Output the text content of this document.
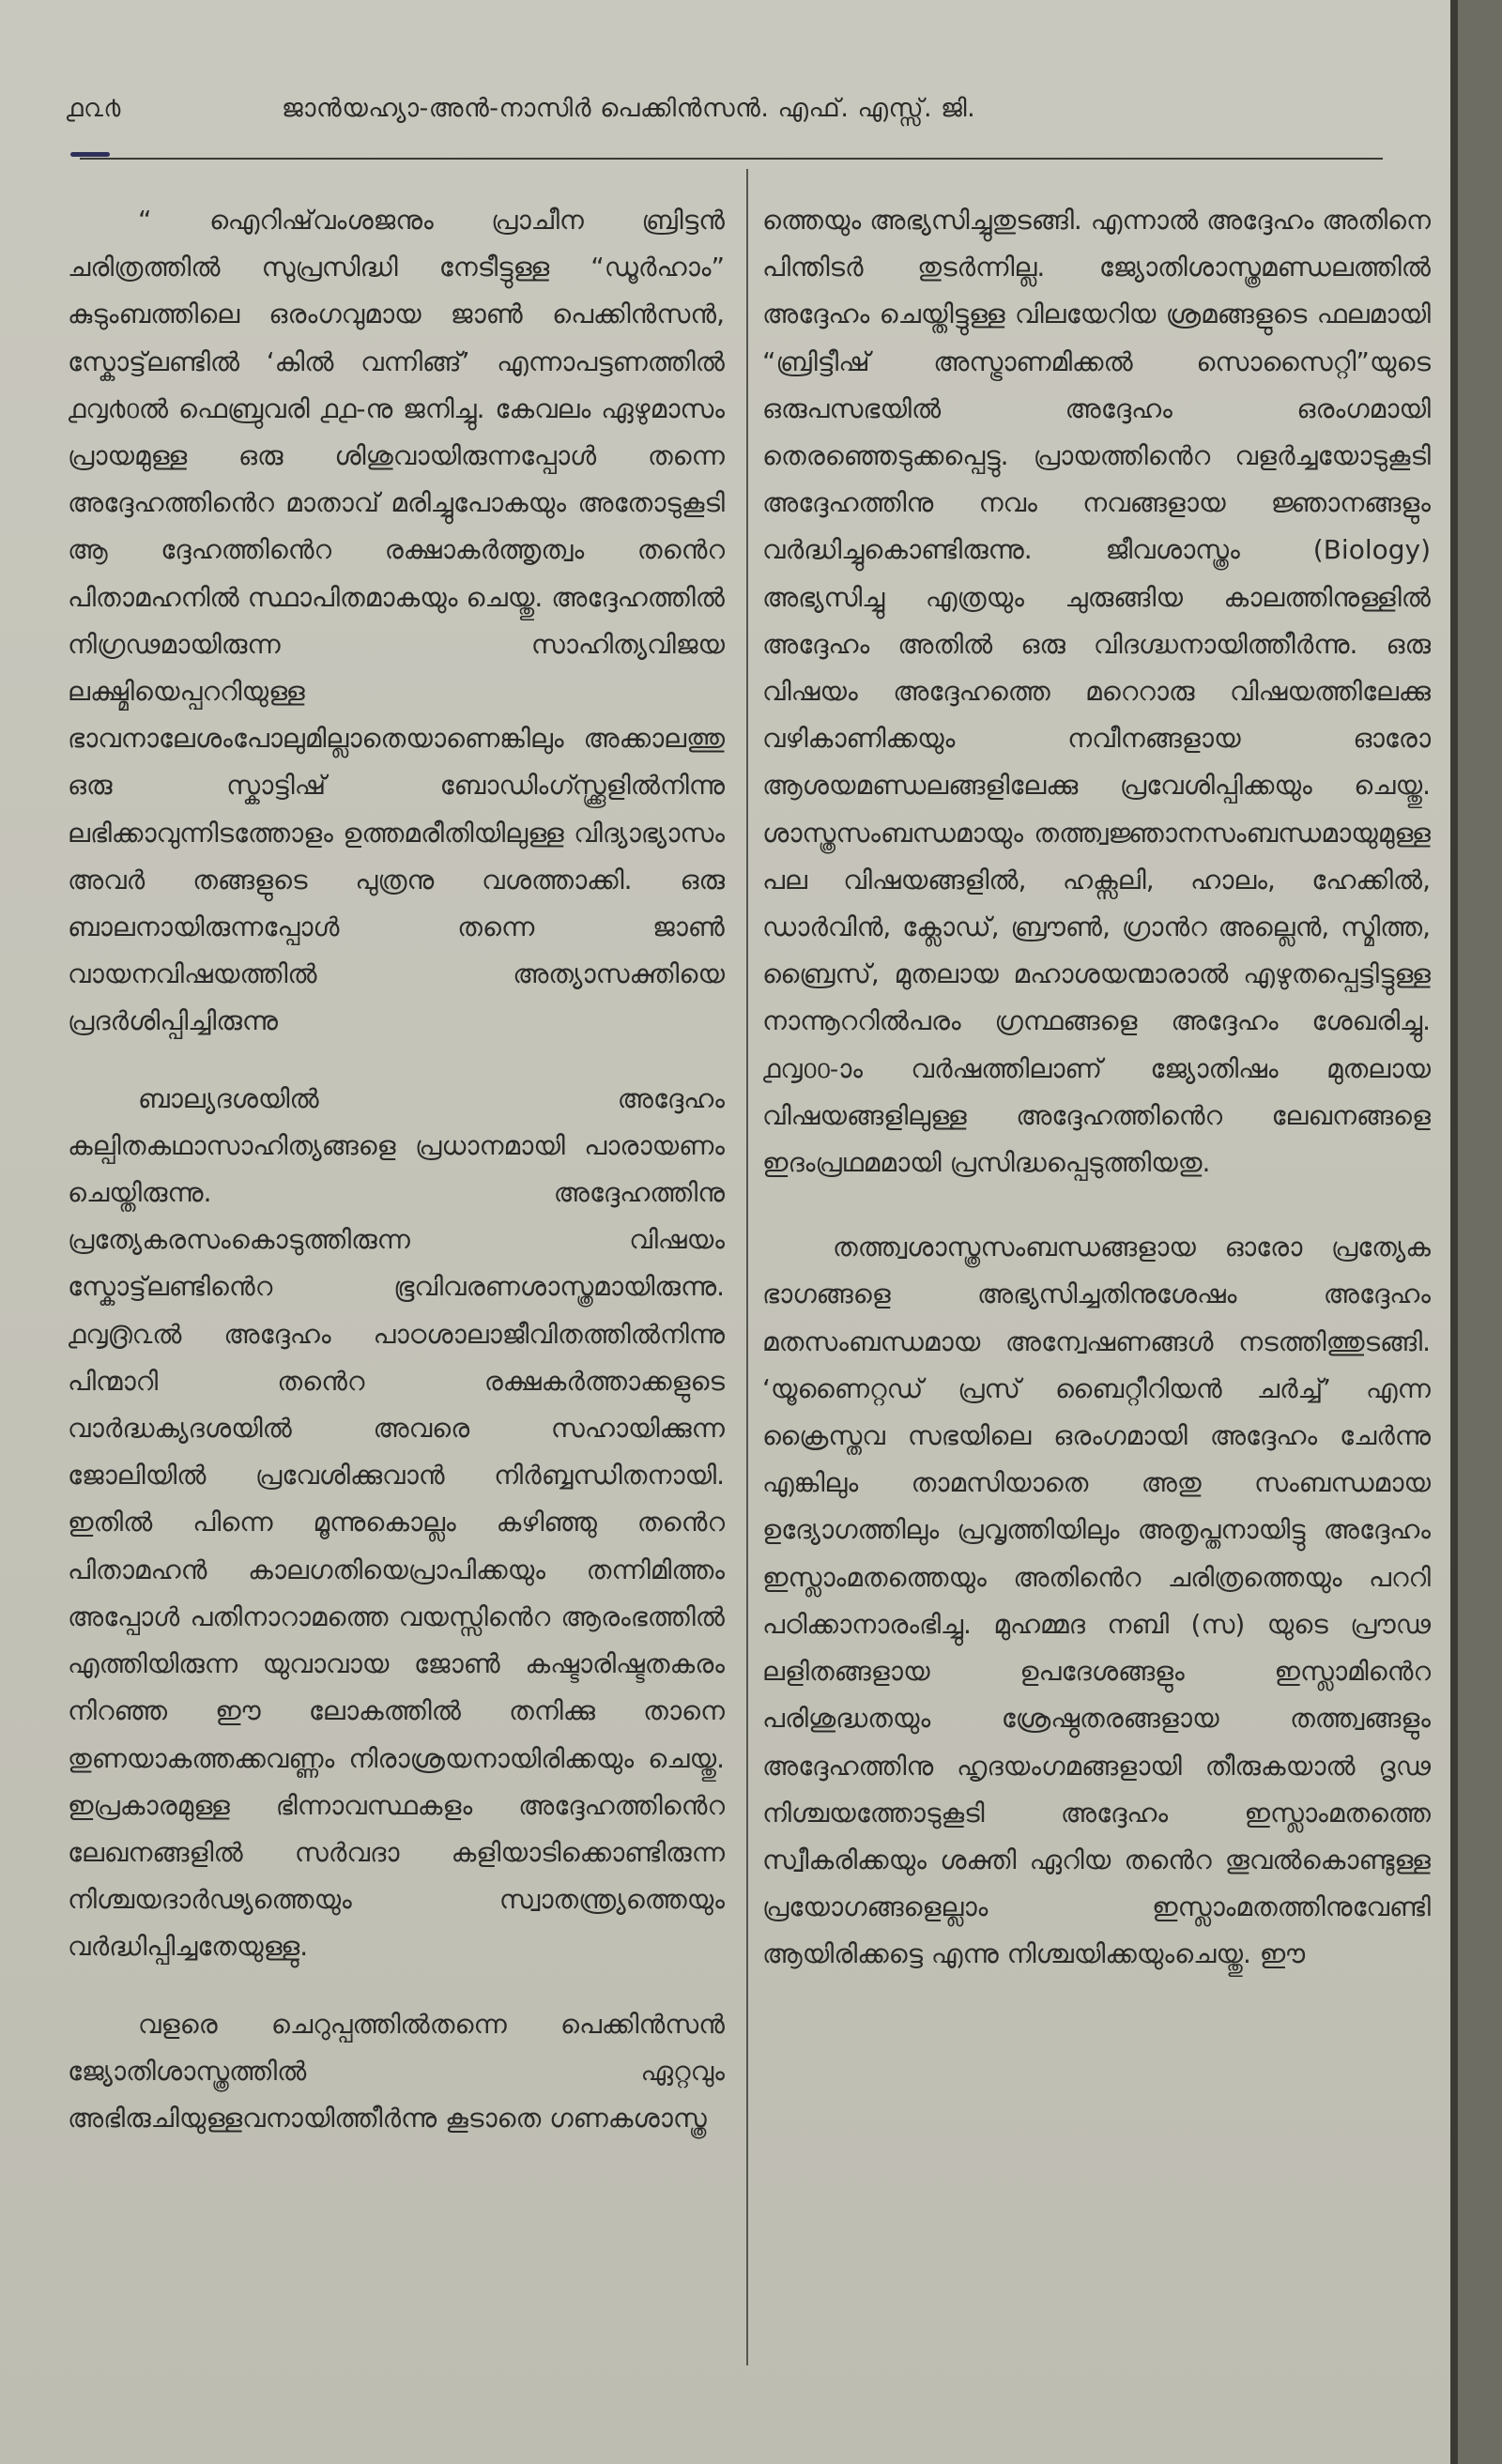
൧൨൪	ജാൻയഹ്യാ-അൻ-നാസിർ പെക്കിൻസൻ. എഫ്. എസ്സ്. ജി.

“ ഐറിഷ്‌വംശജനും പ്രാചീന ബ്രിട്ടൻ ചരിത്രത്തിൽ സുപ്രസിദ്ധി നേടീട്ടുള്ള “ഡൂർഹാം” കുടുംബത്തിലെ ഒരംഗവുമായ ജാൺ പെക്കിൻസൻ, സ്കോട്ട്‌ലണ്ടിൽ ‘കിൽ വന്നിങ്ങ്’ എന്നാപട്ടണത്തിൽ ൧൮൪൦ൽ ഫെബ്രുവരി ൧൧-നു ജനിച്ചു. കേവലം ഏഴുമാസം പ്രായമുള്ള ഒരു ശിശുവായിരുന്നപ്പോൾ തന്നെ അദ്ദേഹത്തിൻെറ മാതാവ് മരിച്ചുപോകയും അതോടുകൂടി ആ ദ്ദേഹത്തിൻെറ രക്ഷാകർത്തൃത്വം തൻെറ പിതാമഹനിൽ സ്ഥാപിതമാകയും ചെയ്തു. അദ്ദേഹത്തിൽ നിഗ്രഢമായിരുന്ന സാഹിത്യവിജയ ലക്ഷ്മിയെപ്പററിയുള്ള ഭാവനാലേശംപോലുമില്ലാതെയാണെങ്കിലും അക്കാലത്തു ഒരു സ്കാട്ടിഷ് ബോഡിംഗ്സ്ക്കൂളിൽനിന്നു ലഭിക്കാവുന്നിടത്തോളം ഉത്തമരീതിയിലുള്ള വിദ്യാഭ്യാസം അവർ തങ്ങളുടെ പുത്രനു വശത്താക്കി. ഒരു ബാലനായിരുന്നപ്പോൾ തന്നെ ജാൺ വായനവിഷയത്തിൽ അത്യാസക്തിയെ പ്രദർശിപ്പിച്ചിരുന്നു

ബാല്യദശയിൽ അദ്ദേഹം കല്പിതകഥാസാഹിത്യങ്ങളെ പ്രധാനമായി പാരായണം ചെയ്തിരുന്നു. അദ്ദേഹത്തിനു പ്രത്യേകരസംകൊടുത്തിരുന്ന വിഷയം സ്കോട്ട്‌ലണ്ടിൻെറ ഭൂവിവരണശാസ്ത്രമായിരുന്നു. ൧൮൫൨ൽ അദ്ദേഹം പാഠശാലാജീവിതത്തിൽനിന്നു പിന്മാറി തൻെറ രക്ഷകർത്താക്കളുടെ വാർദ്ധക്യദശയിൽ അവരെ സഹായിക്കുന്ന ജോലിയിൽ പ്രവേശിക്കുവാൻ നിർബ്ബന്ധിതനായി. ഇതിൽ പിന്നെ മൂന്നുകൊല്ലം കഴിഞ്ഞു തൻെറ പിതാമഹൻ കാലഗതിയെപ്രാപിക്കയും തന്നിമിത്തം അപ്പോൾ പതിനാറാമത്തെ വയസ്സിൻെറ ആരംഭത്തിൽ എത്തിയിരുന്ന യുവാവായ ജോൺ കഷ്ടാരിഷ്ടതകരം നിറഞ്ഞ ഈ ലോകത്തിൽ തനിക്കു താനെ തുണയാകത്തക്കവണ്ണം നിരാശ്രയനായിരിക്കയും ചെയ്തു. ഇപ്രകാരമുള്ള ഭിന്നാവസ്ഥകളം അദ്ദേഹത്തിൻെറ ലേഖനങ്ങളിൽ സർവദാ കളിയാടിക്കൊണ്ടിരുന്ന നിശ്ചയദാർഢ്യത്തെയും സ്വാതന്ത്ര്യത്തെയും വർദ്ധിപ്പിച്ചതേയുള്ളു.

വളരെ ചെറുപ്പത്തിൽതന്നെ പെക്കിൻസൻ ജ്യോതിശാസ്ത്രത്തിൽ ഏറ്റവും അഭിരുചിയുള്ളവനായിത്തീർന്നു കൂടാതെ ഗണകശാസ്ത്ര

ത്തെയും അഭ്യസിച്ചുതുടങ്ങി. എന്നാൽ അദ്ദേഹം അതിനെ പിന്തിടർ തുടർന്നില്ല. ജ്യോതിശാസ്ത്രമണ്ഡലത്തിൽ അദ്ദേഹം ചെയ്തിട്ടുള്ള വിലയേറിയ ശ്രമങ്ങളുടെ ഫലമായി “ബ്രിട്ടീഷ് അസ്ട്രാണമിക്കൽ സൊസൈറ്റി”യുടെ ഒരുപസഭയിൽ അദ്ദേഹം ഒരംഗമായി തെരഞ്ഞെടുക്കപ്പെട്ടു. പ്രായത്തിൻെറ വളർച്ചയോടുകൂടി അദ്ദേഹത്തിനു നവം നവങ്ങളായ ജ്ഞാനങ്ങളും വർദ്ധിച്ചുകൊണ്ടിരുന്നു. ജീവശാസ്ത്രം (Biology) അഭ്യസിച്ചു എത്രയും ചുരുങ്ങിയ കാലത്തിനുള്ളിൽ അദ്ദേഹം അതിൽ ഒരു വിദഗ്ദ്ധനായിത്തീർന്നു. ഒരു വിഷയം അദ്ദേഹത്തെ മറെറാരു വിഷയത്തിലേക്കു വഴികാണിക്കയും നവീനങ്ങളായ ഓരോ ആശയമണ്ഡലങ്ങളിലേക്കു പ്രവേശിപ്പിക്കയും ചെയ്തു. ശാസ്ത്രസംബന്ധമായും തത്ത്വജ്ഞാനസംബന്ധമായുമുള്ള പല വിഷയങ്ങളിൽ, ഹക്സലി, ഹാലം, ഹേക്കിൽ, ഡാർവിൻ, ക്ലോഡ്, ബ്രൗൺ, ഗ്രാൻറ അല്ലെൻ, സ്മിത്ത, ബ്രൈസ്, മുതലായ മഹാശയന്മാരാൽ എഴുതപ്പെട്ടിട്ടുള്ള നാന്നൂററിൽപരം ഗ്രന്ഥങ്ങളെ അദ്ദേഹം ശേഖരിച്ചു. ൧൮൦൦-ാം വർഷത്തിലാണ് ജ്യോതിഷം മുതലായ വിഷയങ്ങളിലുള്ള അദ്ദേഹത്തിൻെറ ലേഖനങ്ങളെ ഇദംപ്രഥമമായി പ്രസിദ്ധപ്പെടുത്തിയതു.

തത്ത്വശാസ്ത്രസംബന്ധങ്ങളായ ഓരോ പ്രത്യേക ഭാഗങ്ങളെ അഭ്യസിച്ചതിനുശേഷം അദ്ദേഹം മതസംബന്ധമായ അന്വേഷണങ്ങൾ നടത്തിത്തുടങ്ങി. ‘യൂണൈറ്റഡ് പ്രസ് ബൈറ്റീറിയൻ ചർച്ച്’ എന്ന ക്രൈസ്തവ സഭയിലെ ഒരംഗമായി അദ്ദേഹം ചേർന്നു എങ്കിലും താമസിയാതെ അതു സംബന്ധമായ ഉദ്യോഗത്തിലും പ്രവൃത്തിയിലും അതൃപ്തനായിട്ടു അദ്ദേഹം ഇസ്ലാംമതത്തെയും അതിൻെറ ചരിത്രത്തെയും പററി പഠിക്കാനാരംഭിച്ചു. മുഹമ്മദ നബി (സ) യുടെ പ്രൗഢ ലളിതങ്ങളായ ഉപദേശങ്ങളും ഇസ്ലാമിൻെറ പരിശുദ്ധതയും ശ്രേഷ്ഠതരങ്ങളായ തത്ത്വങ്ങളും അദ്ദേഹത്തിനു ഹൃദയംഗമങ്ങളായി തീരുകയാൽ ദൃഢ നിശ്ചയത്തോടുകൂടി അദ്ദേഹം ഇസ്ലാംമതത്തെ സ്വീകരിക്കയും ശക്തി ഏറിയ തൻെറ തൂവൽകൊണ്ടുള്ള പ്രയോഗങ്ങളെല്ലാം ഇസ്ലാംമതത്തിനുവേണ്ടി ആയിരിക്കട്ടെ എന്നു നിശ്ചയിക്കയുംചെയ്തു. ഈ
